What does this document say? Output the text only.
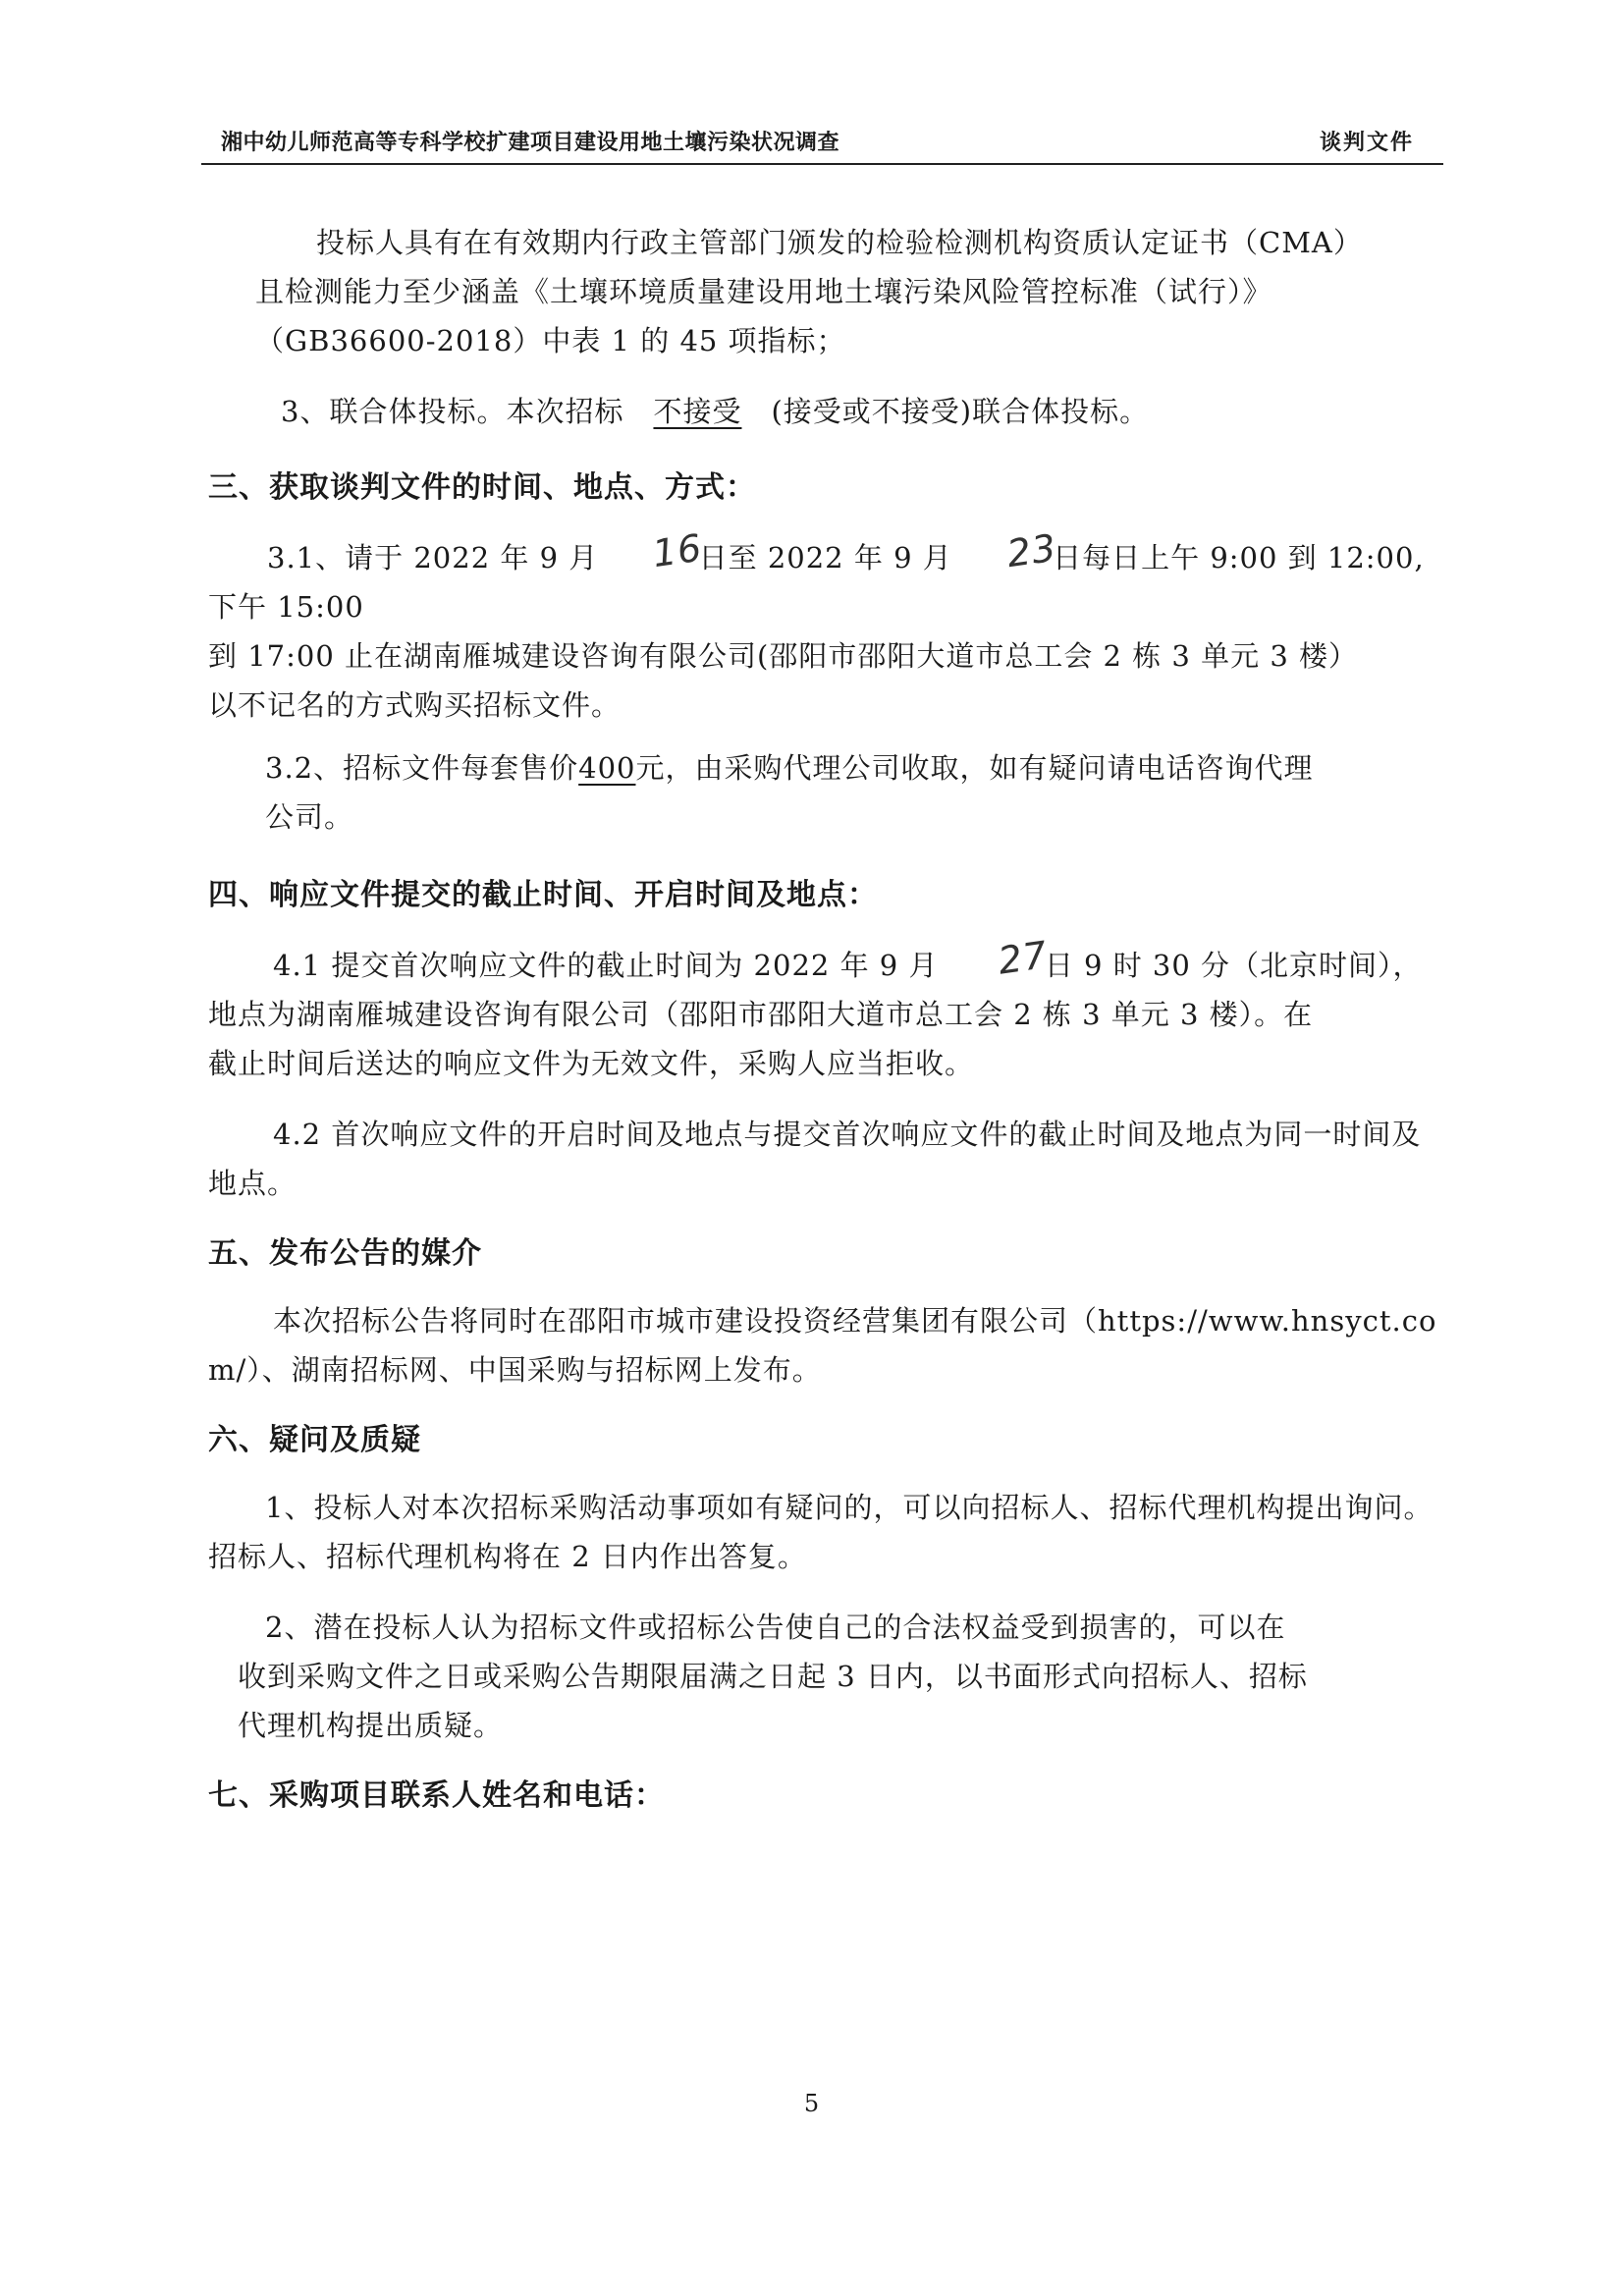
湘中幼儿师范高等专科学校扩建项目建设用地土壤污染状况调查	谈判文件
投标人具有在有效期内行政主管部门颁发的检验检测机构资质认定证书（CMA）
且检测能力至少涵盖《土壤环境质量建设用地土壤污染风险管控标准（试行）》
（GB36600-2018）中表 1 的 45 项指标；
3、联合体投标。本次招标 不接受 (接受或不接受)联合体投标。
三、获取谈判文件的时间、地点、方式：
3.1、请于 2022 年 9 月 16日至 2022 年 9 月 23日每日上午 9:00 到 12:00,下午 15:00
到 17:00 止在湖南雁城建设咨询有限公司(邵阳市邵阳大道市总工会 2 栋 3 单元 3 楼）
以不记名的方式购买招标文件。
3.2、招标文件每套售价400元，由采购代理公司收取，如有疑问请电话咨询代理
公司。
四、响应文件提交的截止时间、开启时间及地点：
4.1 提交首次响应文件的截止时间为 2022 年 9 月 27日 9 时 30 分（北京时间），
地点为湖南雁城建设咨询有限公司（邵阳市邵阳大道市总工会 2 栋 3 单元 3 楼）。在
截止时间后送达的响应文件为无效文件，采购人应当拒收。
4.2 首次响应文件的开启时间及地点与提交首次响应文件的截止时间及地点为同一时间及地点。
五、发布公告的媒介
本次招标公告将同时在邵阳市城市建设投资经营集团有限公司（https://www.hnsyct.com/）、湖南招标网、中国采购与招标网上发布。
六、疑问及质疑
1、投标人对本次招标采购活动事项如有疑问的，可以向招标人、招标代理机构提出询问。招标人、招标代理机构将在 2 日内作出答复。
2、潜在投标人认为招标文件或招标公告使自己的合法权益受到损害的，可以在
收到采购文件之日或采购公告期限届满之日起 3 日内，以书面形式向招标人、招标
代理机构提出质疑。
七、采购项目联系人姓名和电话：
5
